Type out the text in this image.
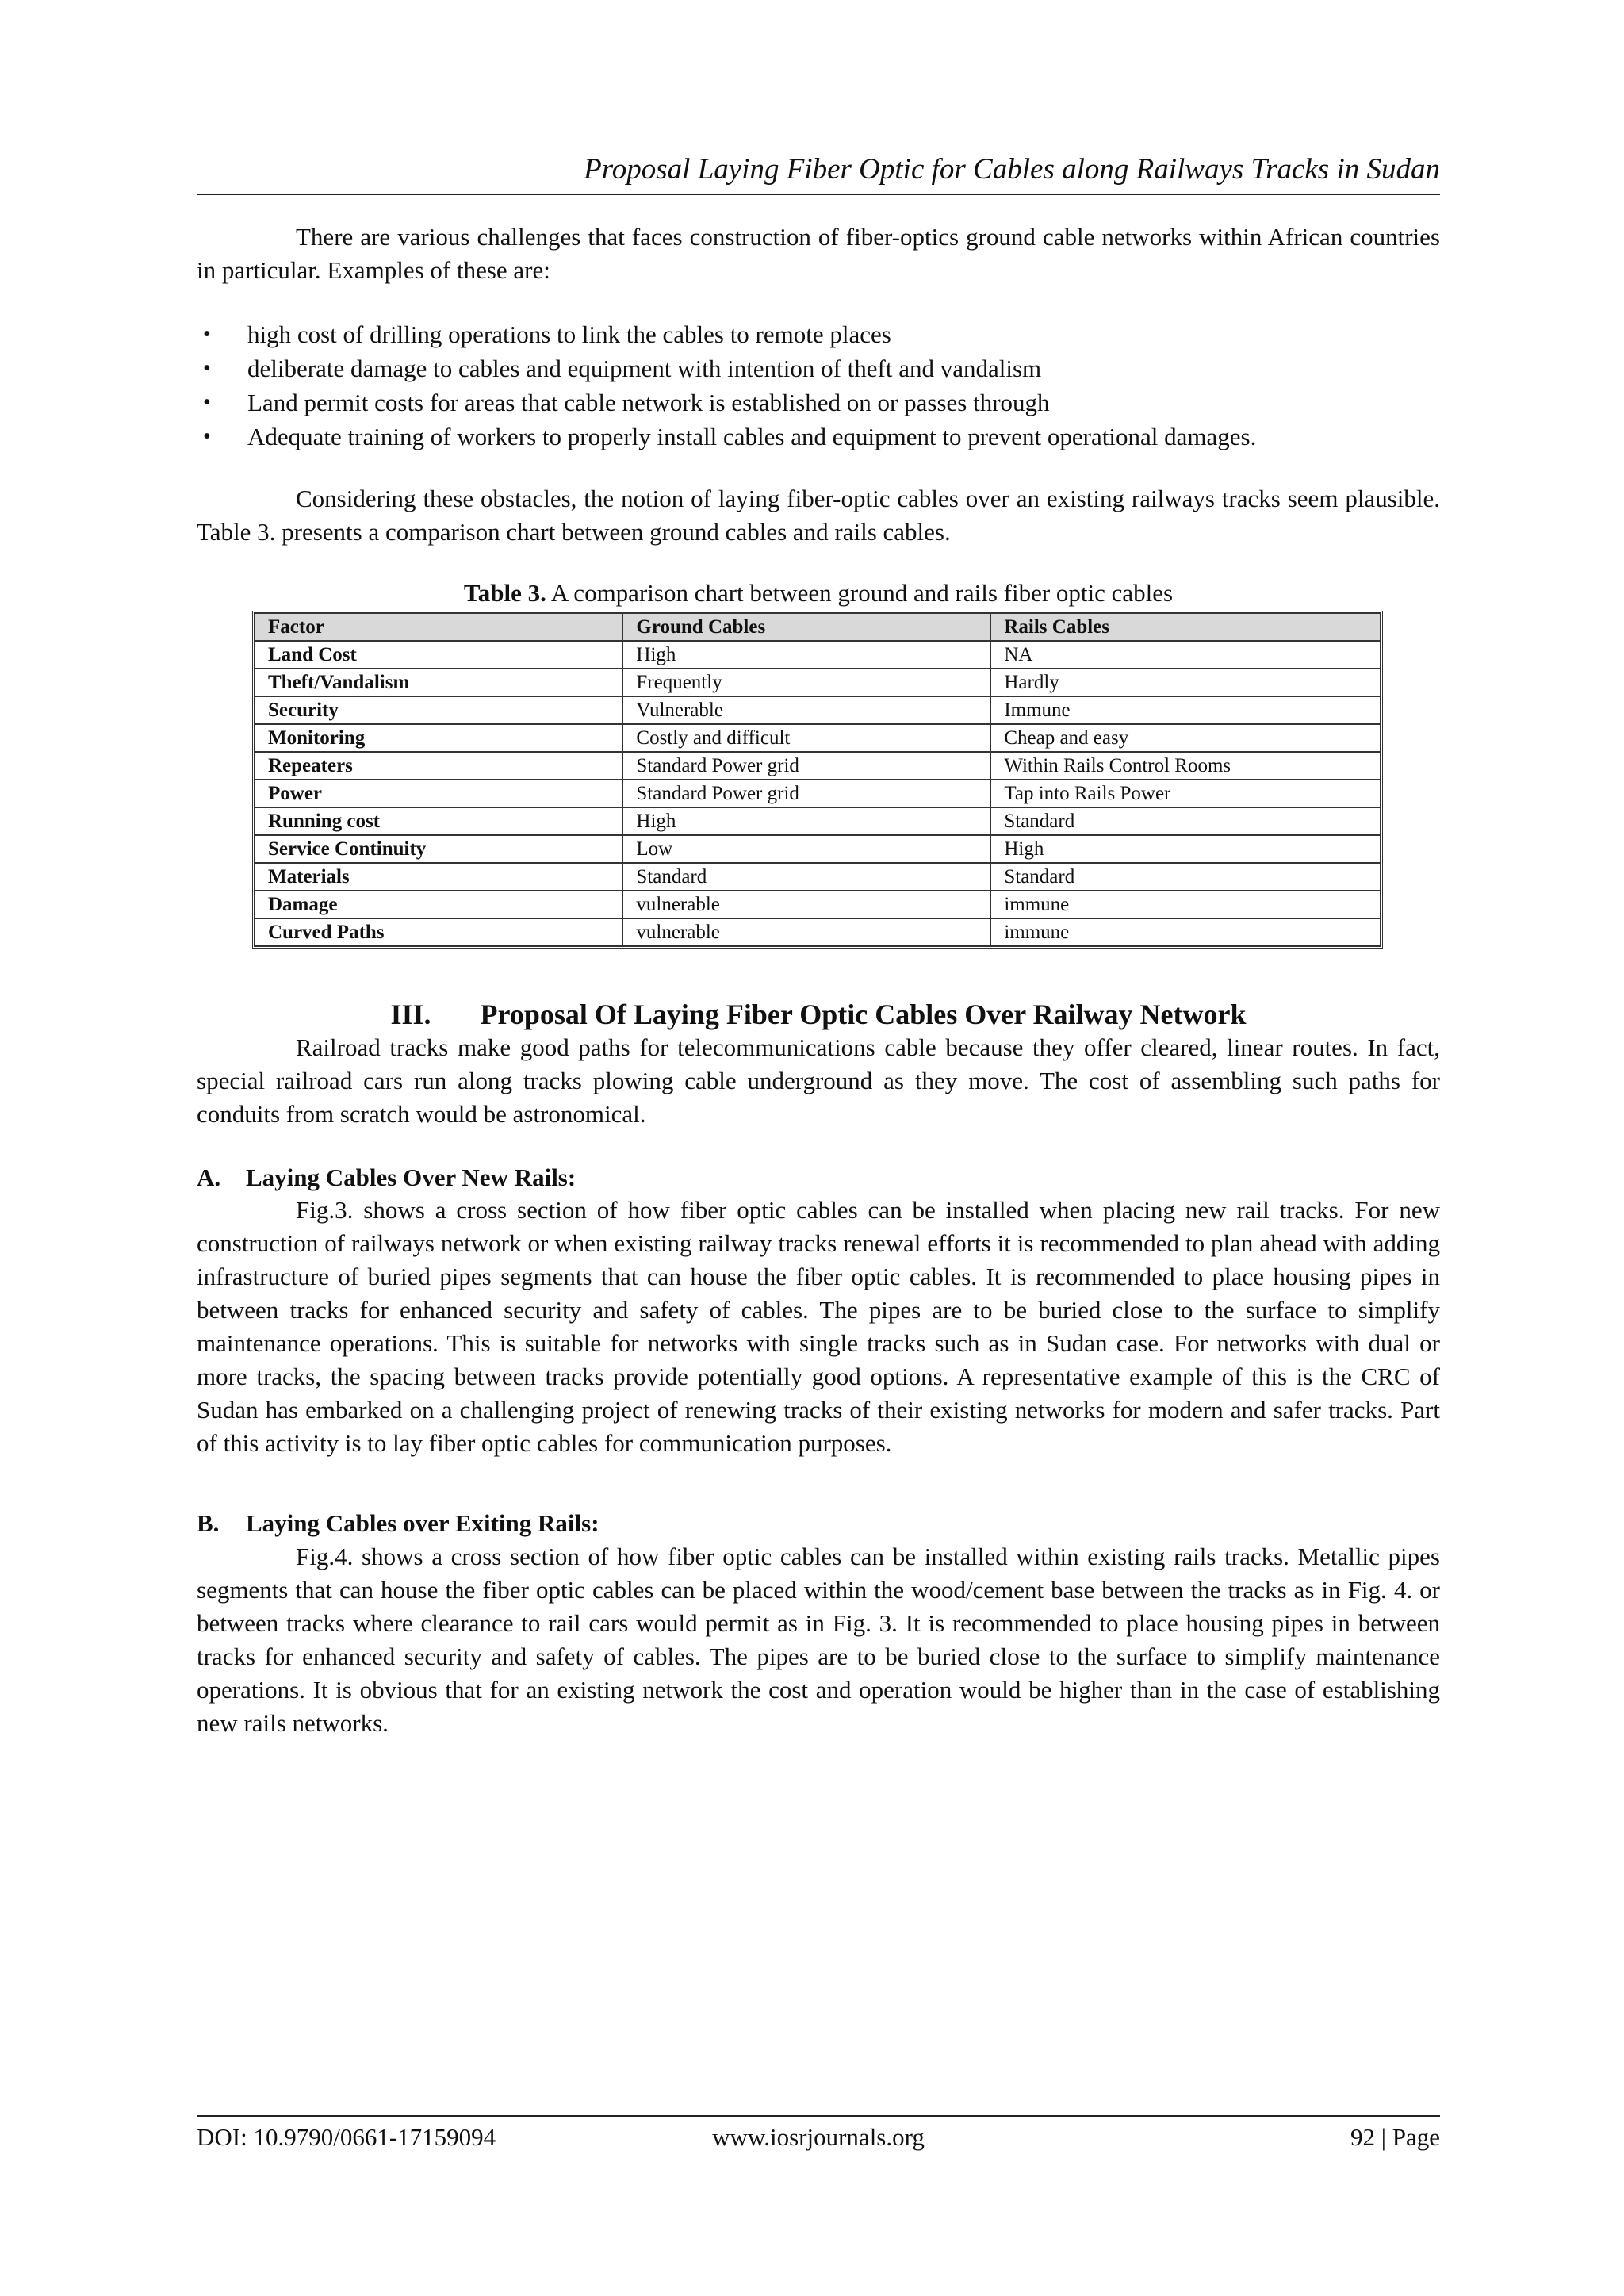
Proposal Laying Fiber Optic for Cables along Railways Tracks in Sudan

There are various challenges that faces construction of fiber-optics ground cable networks within African countries in particular. Examples of these are:

• high cost of drilling operations to link the cables to remote places
• deliberate damage to cables and equipment with intention of theft and vandalism
• Land permit costs for areas that cable network is established on or passes through
• Adequate training of workers to properly install cables and equipment to prevent operational damages.

Considering these obstacles, the notion of laying fiber-optic cables over an existing railways tracks seem plausible. Table 3. presents a comparison chart between ground cables and rails cables.

Table 3. A comparison chart between ground and rails fiber optic cables
Factor	Ground Cables	Rails Cables
Land Cost	High	NA
Theft/Vandalism	Frequently	Hardly
Security	Vulnerable	Immune
Monitoring	Costly and difficult	Cheap and easy
Repeaters	Standard Power grid	Within Rails Control Rooms
Power	Standard Power grid	Tap into Rails Power
Running cost	High	Standard
Service Continuity	Low	High
Materials	Standard	Standard
Damage	vulnerable	immune
Curved Paths	vulnerable	immune
III. Proposal Of Laying Fiber Optic Cables Over Railway Network

Railroad tracks make good paths for telecommunications cable because they offer cleared, linear routes. In fact, special railroad cars run along tracks plowing cable underground as they move. The cost of assembling such paths for conduits from scratch would be astronomical.

A. Laying Cables Over New Rails:

Fig.3. shows a cross section of how fiber optic cables can be installed when placing new rail tracks. For new construction of railways network or when existing railway tracks renewal efforts it is recommended to plan ahead with adding infrastructure of buried pipes segments that can house the fiber optic cables. It is recommended to place housing pipes in between tracks for enhanced security and safety of cables. The pipes are to be buried close to the surface to simplify maintenance operations. This is suitable for networks with single tracks such as in Sudan case. For networks with dual or more tracks, the spacing between tracks provide potentially good options. A representative example of this is the CRC of Sudan has embarked on a challenging project of renewing tracks of their existing networks for modern and safer tracks. Part of this activity is to lay fiber optic cables for communication purposes.

B. Laying Cables over Exiting Rails:

Fig.4. shows a cross section of how fiber optic cables can be installed within existing rails tracks. Metallic pipes segments that can house the fiber optic cables can be placed within the wood/cement base between the tracks as in Fig. 4. or between tracks where clearance to rail cars would permit as in Fig. 3. It is recommended to place housing pipes in between tracks for enhanced security and safety of cables. The pipes are to be buried close to the surface to simplify maintenance operations. It is obvious that for an existing network the cost and operation would be higher than in the case of establishing new rails networks.

DOI: 10.9790/0661-17159094	www.iosrjournals.org	92 | Page
